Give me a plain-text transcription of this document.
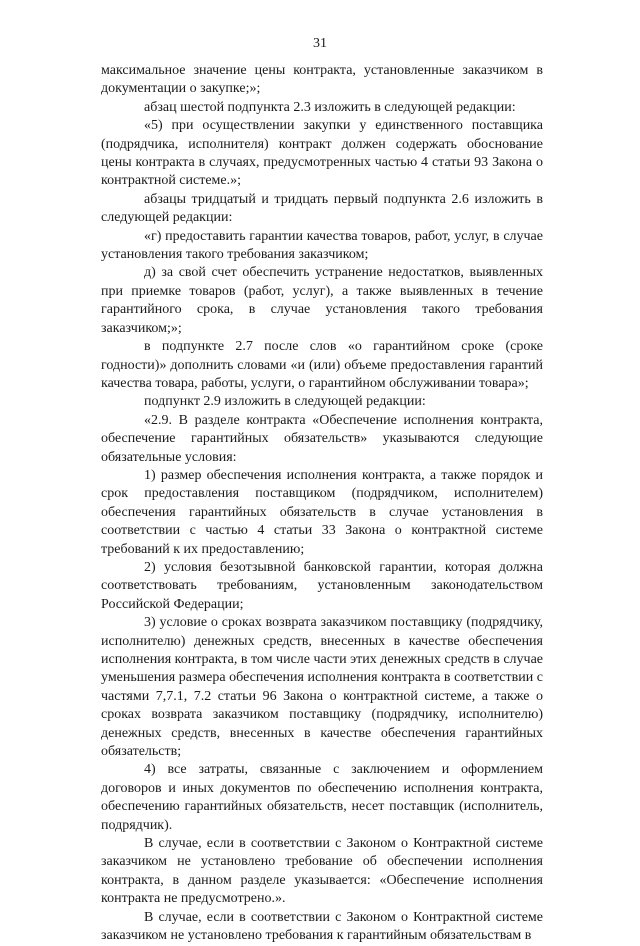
31

максимальное значение цены контракта, установленные заказчиком в документации о закупке;»;

абзац шестой подпункта 2.3 изложить в следующей редакции:

«5) при осуществлении закупки у единственного поставщика (подрядчика, исполнителя) контракт должен содержать обоснование цены контракта в случаях, предусмотренных частью 4 статьи 93 Закона о контрактной системе.»;

абзацы тридцатый и тридцать первый подпункта 2.6 изложить в следующей редакции:

«г) предоставить гарантии качества товаров, работ, услуг, в случае установления такого требования заказчиком;

д) за свой счет обеспечить устранение недостатков, выявленных при приемке товаров (работ, услуг), а также выявленных в течение гарантийного срока, в случае установления такого требования заказчиком;»;

в подпункте 2.7 после слов «о гарантийном сроке (сроке годности)» дополнить словами «и (или) объеме предоставления гарантий качества товара, работы, услуги, о гарантийном обслуживании товара»;

подпункт 2.9 изложить в следующей редакции:

«2.9. В разделе контракта «Обеспечение исполнения контракта, обеспечение гарантийных обязательств» указываются следующие обязательные условия:

1) размер обеспечения исполнения контракта, а также порядок и срок предоставления поставщиком (подрядчиком, исполнителем) обеспечения гарантийных обязательств в случае установления в соответствии с частью 4 статьи 33 Закона о контрактной системе требований к их предоставлению;

2) условия безотзывной банковской гарантии, которая должна соответствовать требованиям, установленным законодательством Российской Федерации;

3) условие о сроках возврата заказчиком поставщику (подрядчику, исполнителю) денежных средств, внесенных в качестве обеспечения исполнения контракта, в том числе части этих денежных средств в случае уменьшения размера обеспечения исполнения контракта в соответствии с частями 7,7.1, 7.2 статьи 96 Закона о контрактной системе, а также о сроках возврата заказчиком поставщику (подрядчику, исполнителю) денежных средств, внесенных в качестве обеспечения гарантийных обязательств;

4) все затраты, связанные с заключением и оформлением договоров и иных документов по обеспечению исполнения контракта, обеспечению гарантийных обязательств, несет поставщик (исполнитель, подрядчик).

В случае, если в соответствии с Законом о Контрактной системе заказчиком не установлено требование об обеспечении исполнения контракта, в данном разделе указывается: «Обеспечение исполнения контракта не предусмотрено.».

В случае, если в соответствии с Законом о Контрактной системе заказчиком не установлено требования к гарантийным обязательствам в
